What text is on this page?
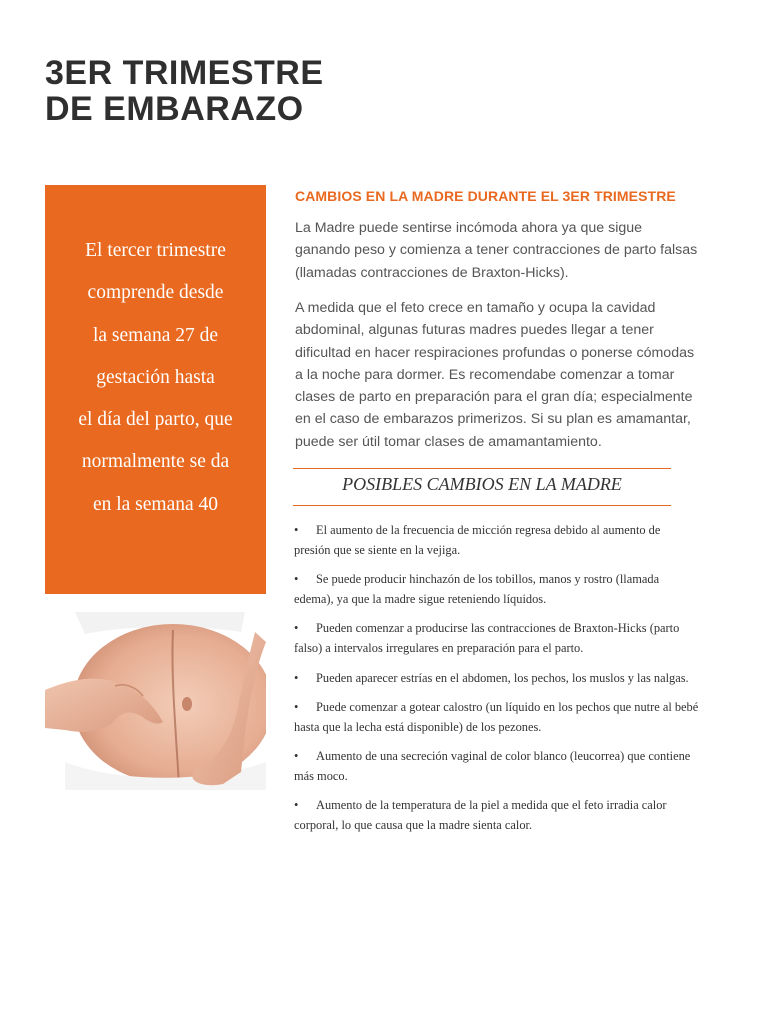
3ER TRIMESTRE
DE EMBARAZO
El tercer trimestre
comprende desde
la semana 27 de
gestación hasta
el día del parto, que
normalmente se da
en la semana 40
CAMBIOS EN LA MADRE DURANTE EL 3ER TRIMESTRE

La Madre puede sentirse incómoda ahora ya que sigue
ganando peso y comienza a tener contracciones de parto falsas
(llamadas contracciones de Braxton-Hicks).

A medida que el feto crece en tamaño y ocupa la cavidad
abdominal, algunas futuras madres puedes llegar a tener
dificultad en hacer respiraciones profundas o ponerse cómodas
a la noche para dormer. Es recomendabe comenzar a tomar
clases de parto en preparación para el gran día; especialmente
en el caso de embarazos primerizos. Si su plan es amamantar,
puede ser útil tomar clases de amamantamiento.

POSIBLES CAMBIOS EN LA MADRE
• El aumento de la frecuencia de micción regresa debido al aumento de
presión que se siente en la vejiga.
• Se puede producir hinchazón de los tobillos, manos y rostro (llamada
edema), ya que la madre sigue reteniendo líquidos.
• Pueden comenzar a producirse las contracciones de Braxton-Hicks (parto
falso) a intervalos irregulares en preparación para el parto.
• Pueden aparecer estrías en el abdomen, los pechos, los muslos y las nalgas.
• Puede comenzar a gotear calostro (un líquido en los pechos que nutre al bebé
hasta que la lecha está disponible) de los pezones.
• Aumento de una secreción vaginal de color blanco (leucorrea) que contiene
más moco.
• Aumento de la temperatura de la piel a medida que el feto irradia calor
corporal, lo que causa que la madre sienta calor.
